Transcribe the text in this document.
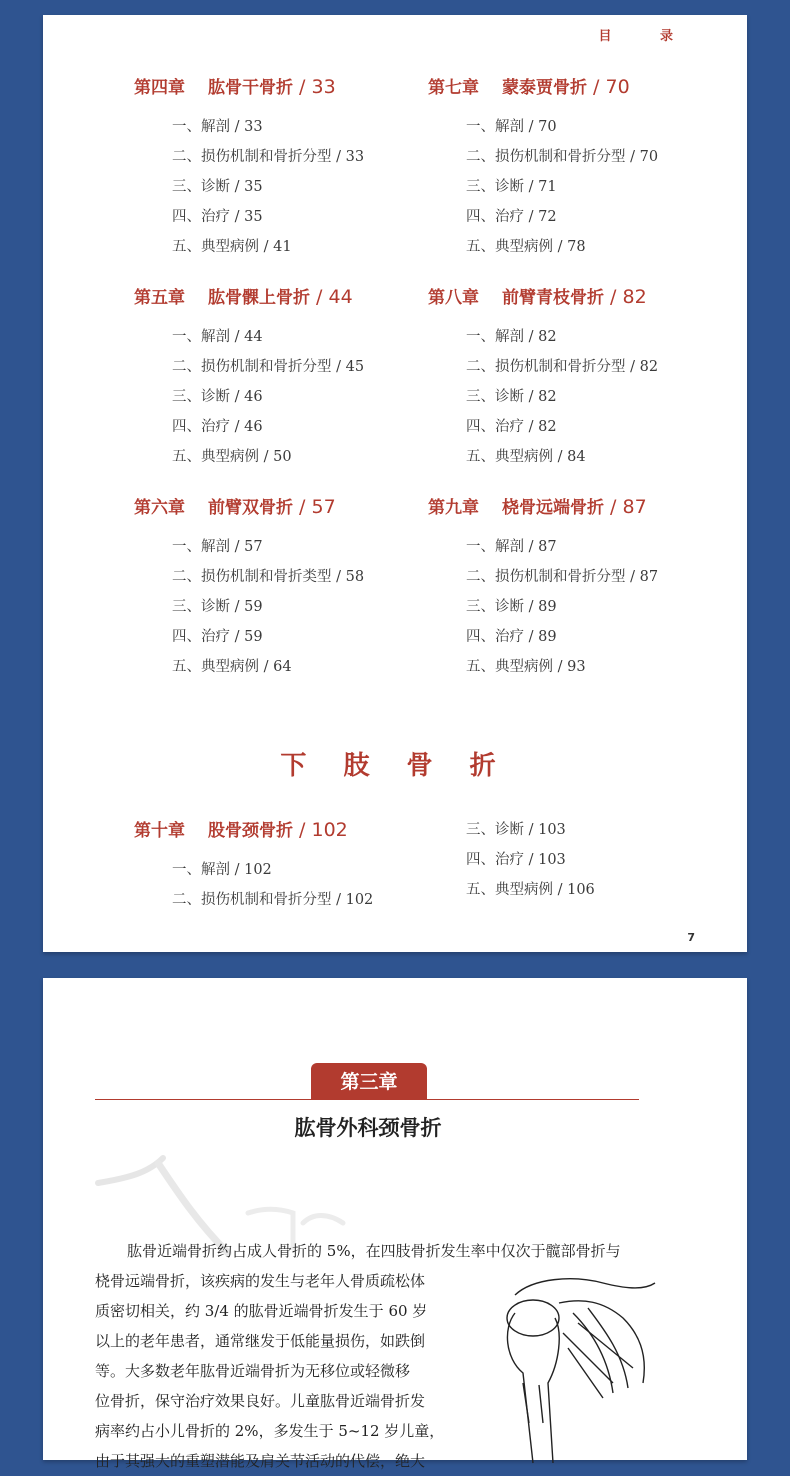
目 录
第四章 肱骨干骨折 / 33
一、解剖 / 33
二、损伤机制和骨折分型 / 33
三、诊断 / 35
四、治疗 / 35
五、典型病例 / 41
第五章 肱骨髁上骨折 / 44
一、解剖 / 44
二、损伤机制和骨折分型 / 45
三、诊断 / 46
四、治疗 / 46
五、典型病例 / 50
第六章 前臂双骨折 / 57
一、解剖 / 57
二、损伤机制和骨折类型 / 58
三、诊断 / 59
四、治疗 / 59
五、典型病例 / 64
第七章 蒙泰贾骨折 / 70
一、解剖 / 70
二、损伤机制和骨折分型 / 70
三、诊断 / 71
四、治疗 / 72
五、典型病例 / 78
第八章 前臂青枝骨折 / 82
一、解剖 / 82
二、损伤机制和骨折分型 / 82
三、诊断 / 82
四、治疗 / 82
五、典型病例 / 84
第九章 桡骨远端骨折 / 87
一、解剖 / 87
二、损伤机制和骨折分型 / 87
三、诊断 / 89
四、治疗 / 89
五、典型病例 / 93
下 肢 骨 折
第十章 股骨颈骨折 / 102
一、解剖 / 102
二、损伤机制和骨折分型 / 102
三、诊断 / 103
四、治疗 / 103
五、典型病例 / 106
7
第三章
肱骨外科颈骨折
肱骨近端骨折约占成人骨折的 5%，在四肢骨折发生率中仅次于髋部骨折与
桡骨远端骨折，该疾病的发生与老年人骨质疏松体
质密切相关，约 3/4 的肱骨近端骨折发生于 60 岁
以上的老年患者，通常继发于低能量损伤，如跌倒
等。大多数老年肱骨近端骨折为无移位或轻微移
位骨折，保守治疗效果良好。儿童肱骨近端骨折发
病率约占小儿骨折的 2%，多发生于 5~12 岁儿童，
由于其强大的重塑潜能及肩关节活动的代偿，绝大
